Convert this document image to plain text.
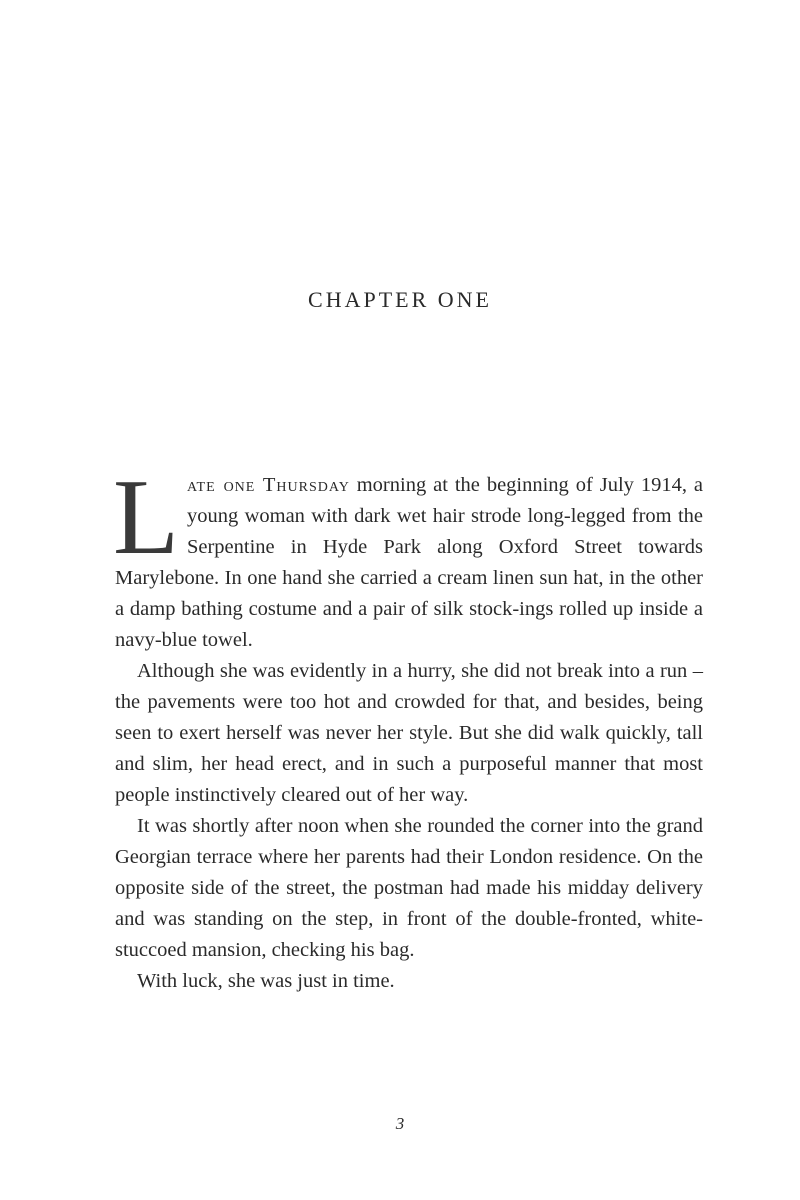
CHAPTER ONE

Late one Thursday morning at the beginning of July 1914, a young woman with dark wet hair strode long-legged from the Serpentine in Hyde Park along Oxford Street towards Marylebone. In one hand she carried a cream linen sun hat, in the other a damp bathing costume and a pair of silk stock-ings rolled up inside a navy-blue towel.

Although she was evidently in a hurry, she did not break into a run – the pavements were too hot and crowded for that, and besides, being seen to exert herself was never her style. But she did walk quickly, tall and slim, her head erect, and in such a purposeful manner that most people instinctively cleared out of her way.

It was shortly after noon when she rounded the corner into the grand Georgian terrace where her parents had their London residence. On the opposite side of the street, the postman had made his midday delivery and was standing on the step, in front of the double-fronted, white-stuccoed mansion, checking his bag.

With luck, she was just in time.

3
